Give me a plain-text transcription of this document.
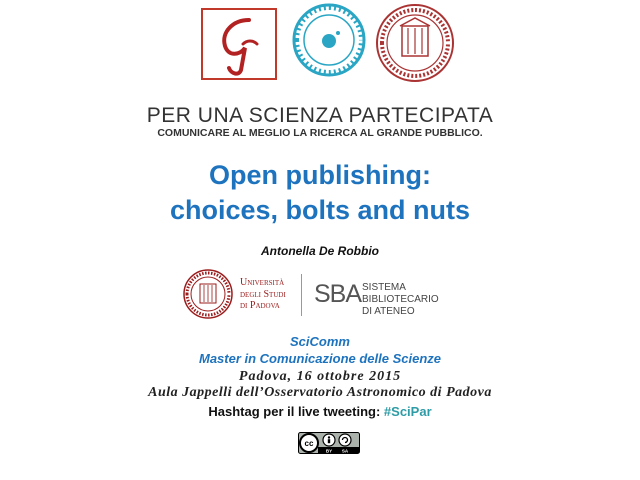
PER UNA SCIENZA PARTECIPATA
COMUNICARE AL MEGLIO LA RICERCA AL GRANDE PUBBLICO.
Open publishing:
choices, bolts and nuts
Antonella De Robbio
Università
degli Studi
di Padova SBA SISTEMA BIBLIOTECARIO
DI ATENEO
SciComm
Master in Comunicazione delle Scienze
Padova, 16 ottobre 2015
Aula Jappelli dell’Osservatorio Astronomico di Padova
Hashtag per il live tweeting: #SciPar
cc
BY SA
